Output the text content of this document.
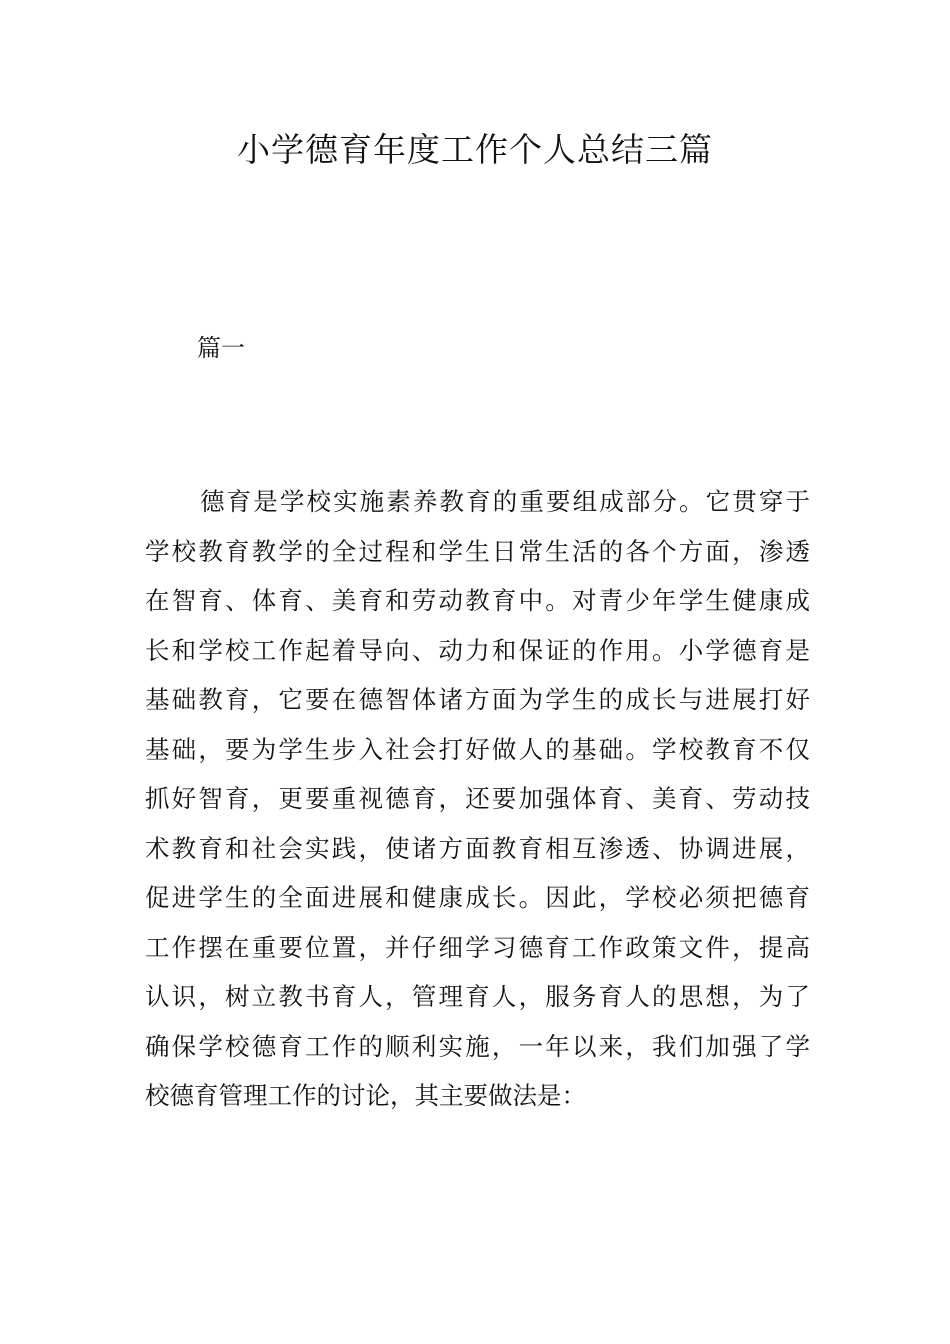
小学德育年度工作个人总结三篇
篇一
德育是学校实施素养教育的重要组成部分。它贯穿于
学校教育教学的全过程和学生日常生活的各个方面，渗透
在智育、体育、美育和劳动教育中。对青少年学生健康成
长和学校工作起着导向、动力和保证的作用。小学德育是
基础教育，它要在德智体诸方面为学生的成长与进展打好
基础，要为学生步入社会打好做人的基础。学校教育不仅
抓好智育，更要重视德育，还要加强体育、美育、劳动技
术教育和社会实践，使诸方面教育相互渗透、协调进展，
促进学生的全面进展和健康成长。因此，学校必须把德育
工作摆在重要位置，并仔细学习德育工作政策文件，提高
认识，树立教书育人，管理育人，服务育人的思想，为了
确保学校德育工作的顺利实施，一年以来，我们加强了学
校德育管理工作的讨论，其主要做法是：
